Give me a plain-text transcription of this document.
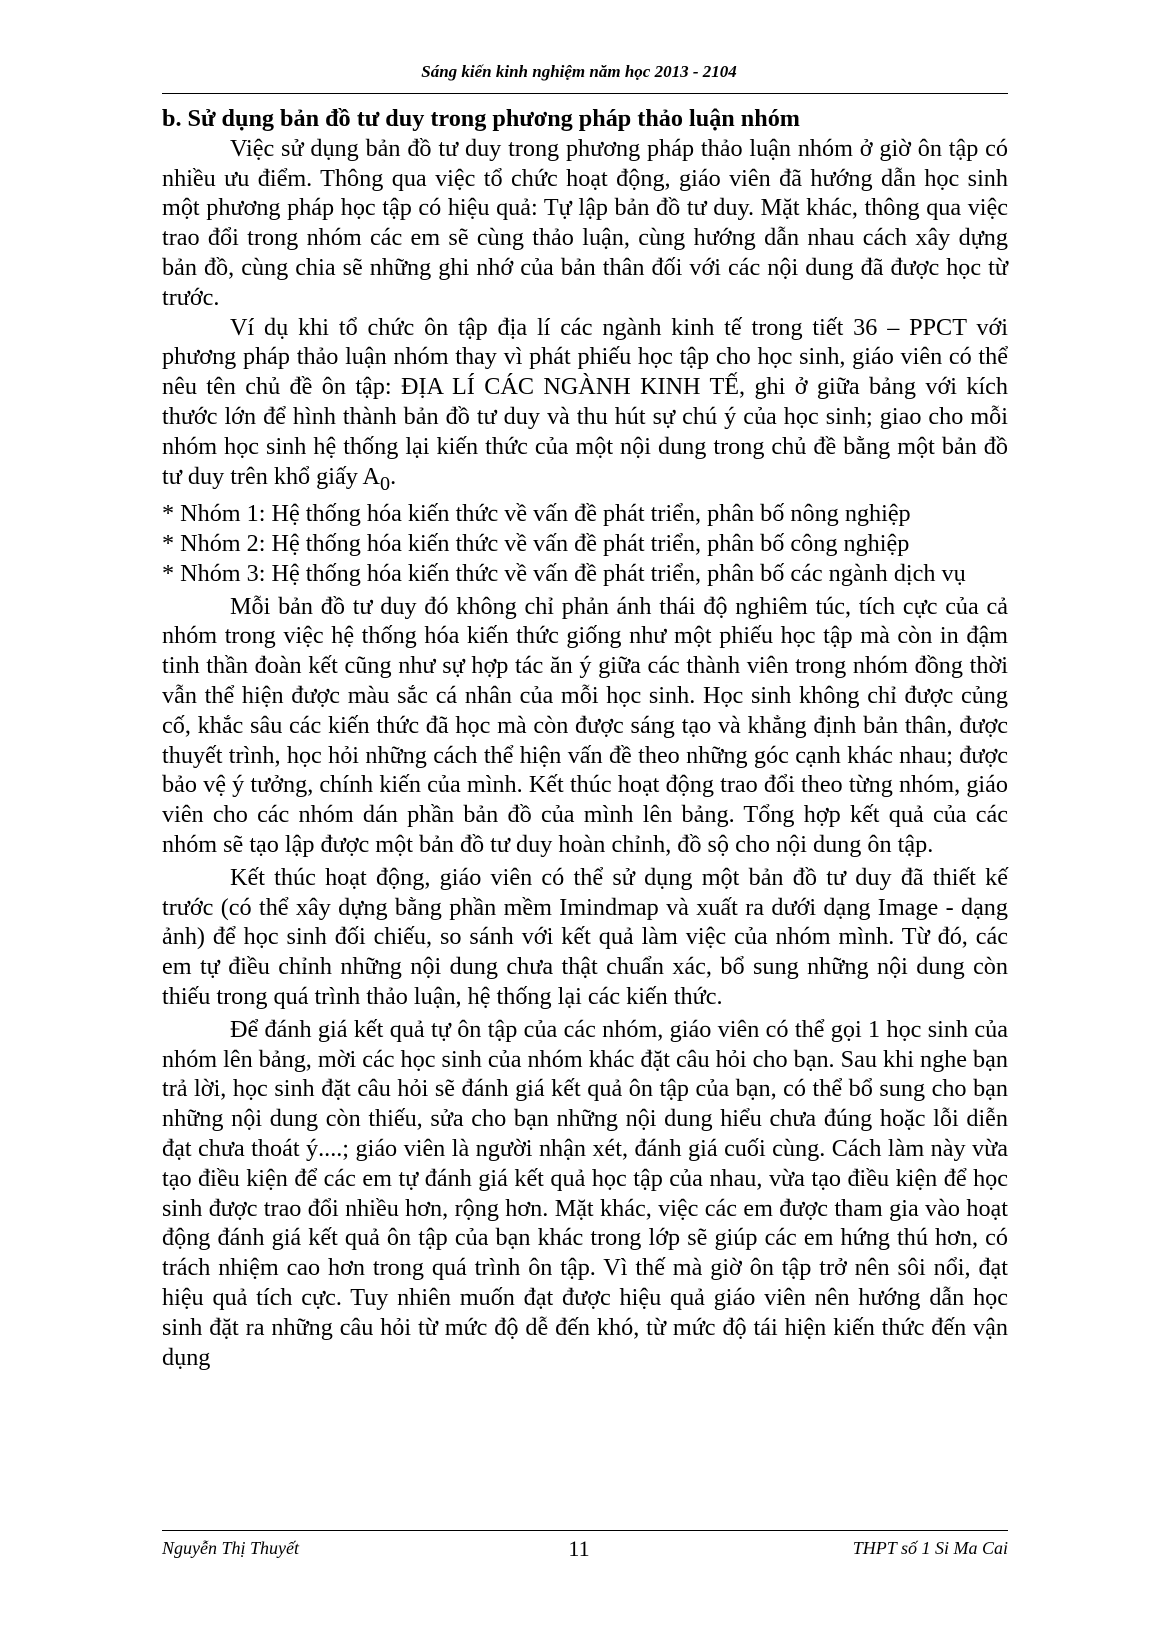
Sáng kiến kinh nghiệm năm học 2013 - 2104

b. Sử dụng bản đồ tư duy trong phương pháp thảo luận nhóm

Việc sử dụng bản đồ tư duy trong phương pháp thảo luận nhóm ở giờ ôn tập có nhiều ưu điểm. Thông qua việc tổ chức hoạt động, giáo viên đã hướng dẫn học sinh một phương pháp học tập có hiệu quả: Tự lập bản đồ tư duy. Mặt khác, thông qua việc trao đổi trong nhóm các em sẽ cùng thảo luận, cùng hướng dẫn nhau cách xây dựng bản đồ, cùng chia sẽ những ghi nhớ của bản thân đối với các nội dung đã được học từ trước.

Ví dụ khi tổ chức ôn tập địa lí các ngành kinh tế trong tiết 36 – PPCT với phương pháp thảo luận nhóm thay vì phát phiếu học tập cho học sinh, giáo viên có thể nêu tên chủ đề ôn tập: ĐỊA LÍ CÁC NGÀNH KINH TẾ, ghi ở giữa bảng với kích thước lớn để hình thành bản đồ tư duy và thu hút sự chú ý của học sinh; giao cho mỗi nhóm học sinh hệ thống lại kiến thức của một nội dung trong chủ đề bằng một bản đồ tư duy trên khổ giấy $A_0$.

* Nhóm 1: Hệ thống hóa kiến thức về vấn đề phát triển, phân bố nông nghiệp

* Nhóm 2: Hệ thống hóa kiến thức về vấn đề phát triển, phân bố công nghiệp

* Nhóm 3: Hệ thống hóa kiến thức về vấn đề phát triển, phân bố các ngành dịch vụ

Mỗi bản đồ tư duy đó không chỉ phản ánh thái độ nghiêm túc, tích cực của cả nhóm trong việc hệ thống hóa kiến thức giống như một phiếu học tập mà còn in đậm tinh thần đoàn kết cũng như sự hợp tác ăn ý giữa các thành viên trong nhóm đồng thời vẫn thể hiện được màu sắc cá nhân của mỗi học sinh. Học sinh không chỉ được củng cố, khắc sâu các kiến thức đã học mà còn được sáng tạo và khẳng định bản thân, được thuyết trình, học hỏi những cách thể hiện vấn đề theo những góc cạnh khác nhau; được bảo vệ ý tưởng, chính kiến của mình. Kết thúc hoạt động trao đổi theo từng nhóm, giáo viên cho các nhóm dán phần bản đồ của mình lên bảng. Tổng hợp kết quả của các nhóm sẽ tạo lập được một bản đồ tư duy hoàn chỉnh, đồ sộ cho nội dung ôn tập.

Kết thúc hoạt động, giáo viên có thể sử dụng một bản đồ tư duy đã thiết kế trước (có thể xây dựng bằng phần mềm Imindmap và xuất ra dưới dạng Image - dạng ảnh) để học sinh đối chiếu, so sánh với kết quả làm việc của nhóm mình. Từ đó, các em tự điều chỉnh những nội dung chưa thật chuẩn xác, bổ sung những nội dung còn thiếu trong quá trình thảo luận, hệ thống lại các kiến thức.

Để đánh giá kết quả tự ôn tập của các nhóm, giáo viên có thể gọi 1 học sinh của nhóm lên bảng, mời các học sinh của nhóm khác đặt câu hỏi cho bạn. Sau khi nghe bạn trả lời, học sinh đặt câu hỏi sẽ đánh giá kết quả ôn tập của bạn, có thể bổ sung cho bạn những nội dung còn thiếu, sửa cho bạn những nội dung hiểu chưa đúng hoặc lỗi diễn đạt chưa thoát ý....; giáo viên là người nhận xét, đánh giá cuối cùng. Cách làm này vừa tạo điều kiện để các em tự đánh giá kết quả học tập của nhau, vừa tạo điều kiện để học sinh được trao đổi nhiều hơn, rộng hơn. Mặt khác, việc các em được tham gia vào hoạt động đánh giá kết quả ôn tập của bạn khác trong lớp sẽ giúp các em hứng thú hơn, có trách nhiệm cao hơn trong quá trình ôn tập. Vì thế mà giờ ôn tập trở nên sôi nổi, đạt hiệu quả tích cực. Tuy nhiên muốn đạt được hiệu quả giáo viên nên hướng dẫn học sinh đặt ra những câu hỏi từ mức độ dễ đến khó, từ mức độ tái hiện kiến thức đến vận dụng

Nguyễn Thị Thuyết	11	THPT số 1 Si Ma Cai
